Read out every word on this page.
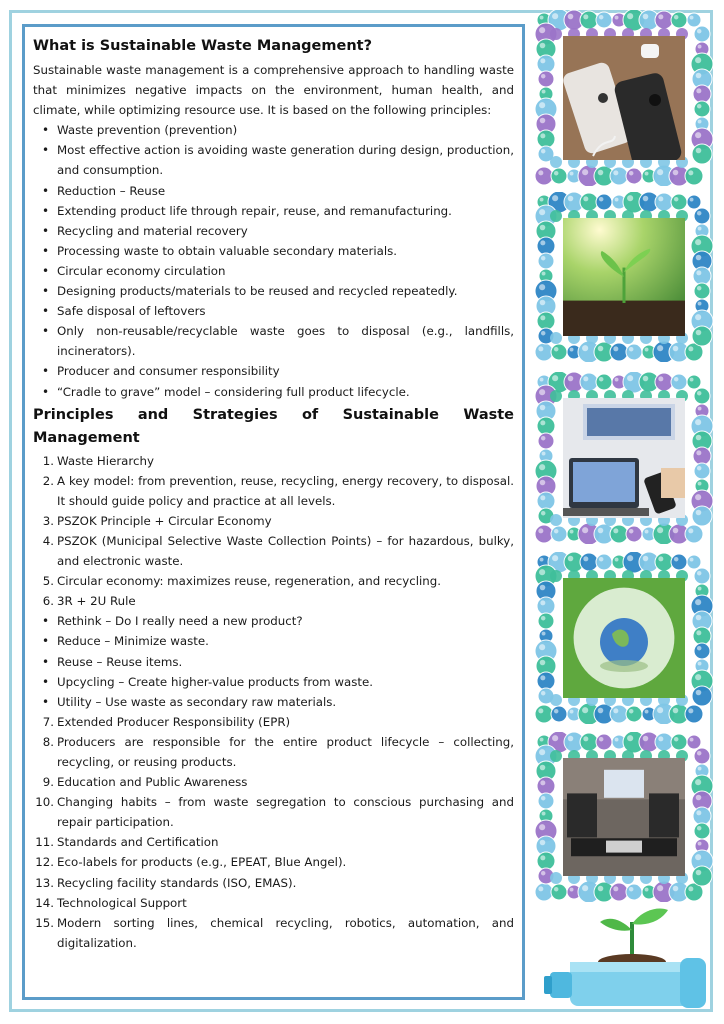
What is Sustainable Waste Management?

Sustainable waste management is a comprehensive approach to handling waste that minimizes negative impacts on the environment, human health, and climate, while optimizing resource use. It is based on the following principles:

• Waste prevention (prevention)
• Most effective action is avoiding waste generation during design, production, and consumption.
• Reduction – Reuse
• Extending product life through repair, reuse, and remanufacturing.
• Recycling and material recovery
• Processing waste to obtain valuable secondary materials.
• Circular economy circulation
• Designing products/materials to be reused and recycled repeatedly.
• Safe disposal of leftovers
• Only non-reusable/recyclable waste goes to disposal (e.g., landfills, incinerators).
• Producer and consumer responsibility
• “Cradle to grave” model – considering full product lifecycle.
Principles and Strategies of Sustainable Waste Management
1. Waste Hierarchy
2. A key model: from prevention, reuse, recycling, energy recovery, to disposal. It should guide policy and practice at all levels.
3. PSZOK Principle + Circular Economy
4. PSZOK (Municipal Selective Waste Collection Points) – for hazardous, bulky, and electronic waste.
5. Circular economy: maximizes reuse, regeneration, and recycling.
6. 3R + 2U Rule
• Rethink – Do I really need a new product?
• Reduce – Minimize waste.
• Reuse – Reuse items.
• Upcycling – Create higher-value products from waste.
• Utility – Use waste as secondary raw materials.
7. Extended Producer Responsibility (EPR)
8. Producers are responsible for the entire product lifecycle – collecting, recycling, or reusing products.
9. Education and Public Awareness
10. Changing habits – from waste segregation to conscious purchasing and repair participation.
11. Standards and Certification
12. Eco-labels for products (e.g., EPEAT, Blue Angel).
13. Recycling facility standards (ISO, EMAS).
14. Technological Support
15. Modern sorting lines, chemical recycling, robotics, automation, and digitalization.
